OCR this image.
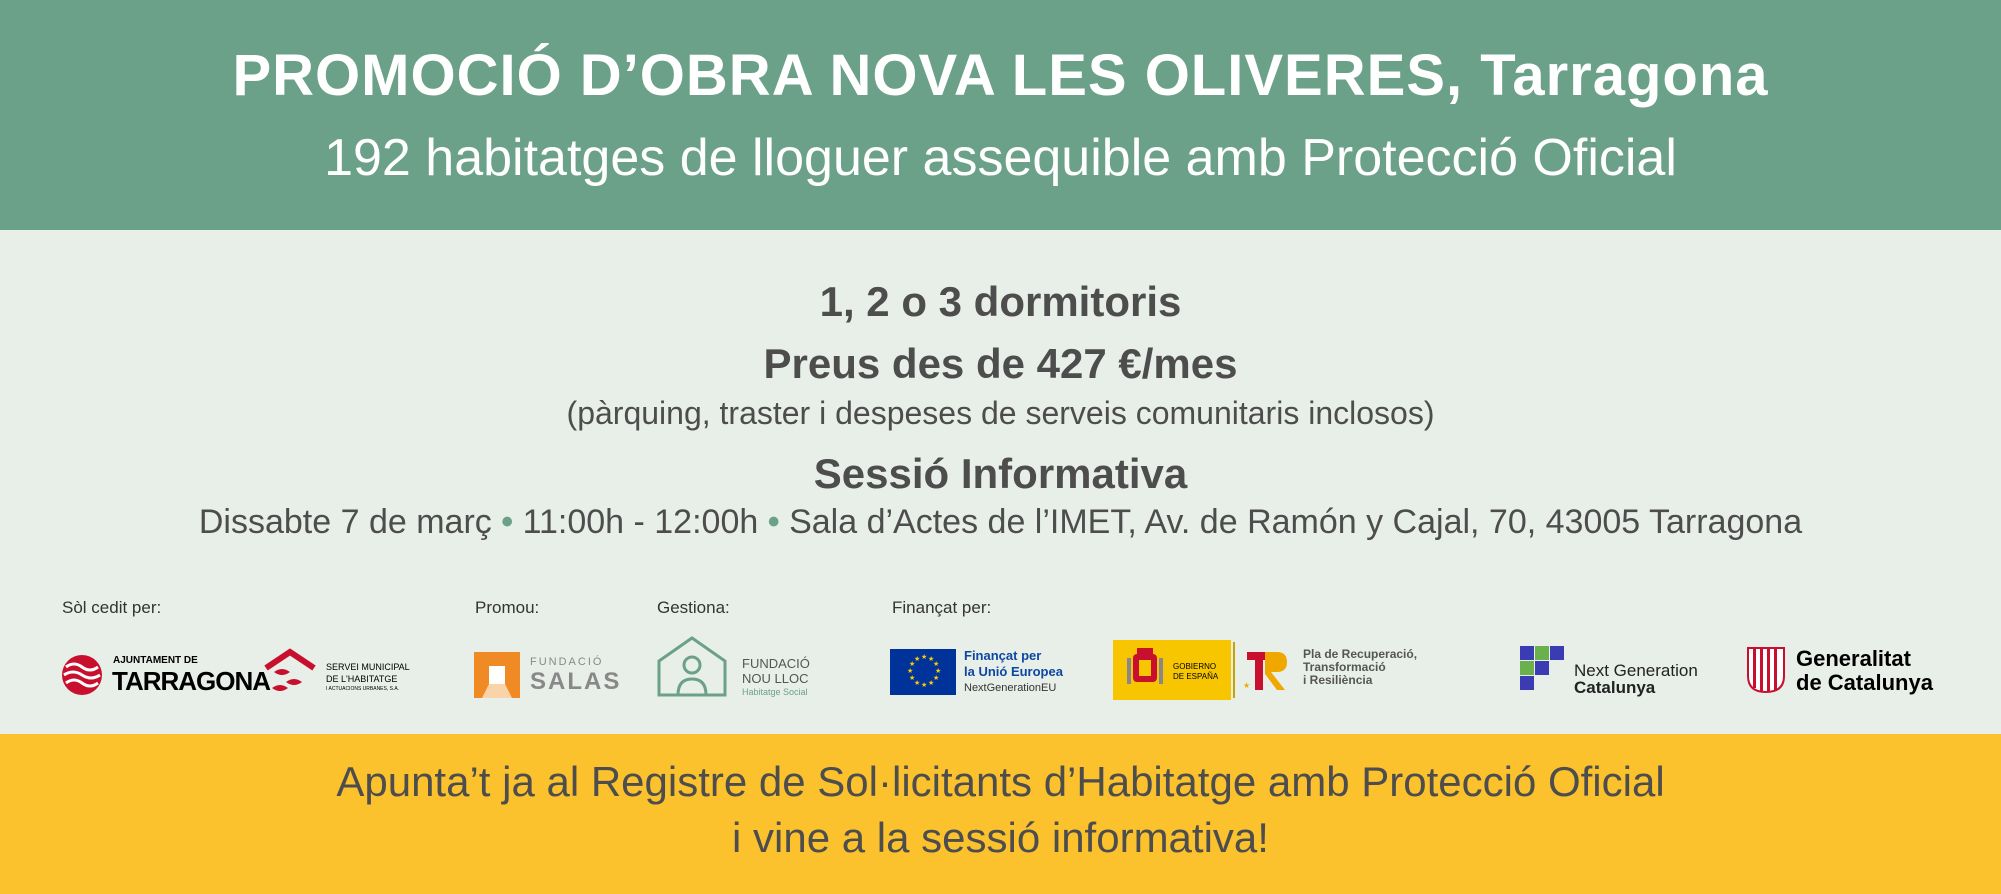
PROMOCIÓ D’OBRA NOVA LES OLIVERES, Tarragona
192 habitatges de lloguer assequible amb Protecció Oficial
1, 2 o 3 dormitoris
Preus des de 427 €/mes
(pàrquing, traster i despeses de serveis comunitaris inclosos)
Sessió Informativa
Dissabte 7 de març • 11:00h - 12:00h • Sala d’Actes de l’IMET, Av. de Ramón y Cajal, 70, 43005 Tarragona
Sòl cedit per:	Promou:	Gestiona:	Finançat per:
AJUNTAMENT DE
TARRAGONA	SERVEI MUNICIPAL
DE L'HABITATGE
I ACTUACIONS URBANES, S.A.
FUNDACIÓ
SALAS
FUNDACIÓ
NOU LLOC
Habitatge Social
★ ★
★
★
★
★
★
★
★
★
★
★	Finançat per
la Unió Europea
NextGenerationEU
GOBIERNO
DE ESPAÑA
★
Pla de Recuperació,
Transformació
i Resiliència	Next Generation
Catalunya
Generalitat
de Catalunya
Apunta’t ja al Registre de Sol·licitants d’Habitatge amb Protecció Oficial
i vine a la sessió informativa!
